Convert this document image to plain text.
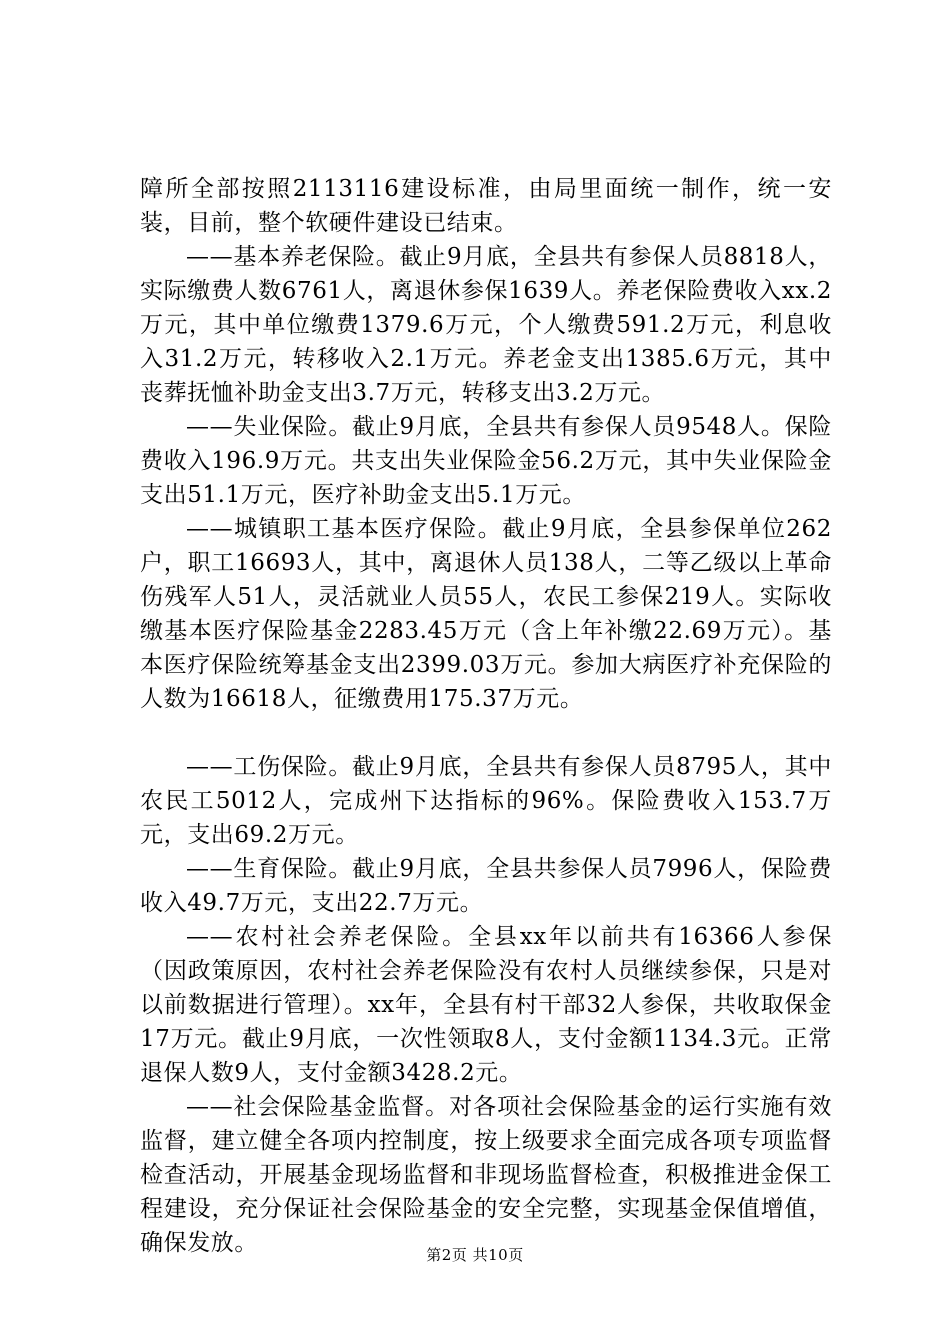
障所全部按照2113116建设标准，由局里面统一制作，统一安装，目前，整个软硬件建设已结束。

——基本养老保险。截止9月底，全县共有参保人员8818人，实际缴费人数6761人，离退休参保1639人。养老保险费收入xx.2万元，其中单位缴费1379.6万元，个人缴费591.2万元，利息收入31.2万元，转移收入2.1万元。养老金支出1385.6万元，其中丧葬抚恤补助金支出3.7万元，转移支出3.2万元。

——失业保险。截止9月底，全县共有参保人员9548人。保险费收入196.9万元。共支出失业保险金56.2万元，其中失业保险金支出51.1万元，医疗补助金支出5.1万元。

——城镇职工基本医疗保险。截止9月底，全县参保单位262户，职工16693人，其中，离退休人员138人，二等乙级以上革命伤残军人51人，灵活就业人员55人，农民工参保219人。实际收缴基本医疗保险基金2283.45万元（含上年补缴22.69万元）。基本医疗保险统筹基金支出2399.03万元。参加大病医疗补充保险的人数为16618人，征缴费用175.37万元。

——工伤保险。截止9月底，全县共有参保人员8795人，其中农民工5012人，完成州下达指标的96%。保险费收入153.7万元，支出69.2万元。

——生育保险。截止9月底，全县共参保人员7996人，保险费收入49.7万元，支出22.7万元。

——农村社会养老保险。全县xx年以前共有16366人参保（因政策原因，农村社会养老保险没有农村人员继续参保，只是对以前数据进行管理）。xx年，全县有村干部32人参保，共收取保金17万元。截止9月底，一次性领取8人，支付金额1134.3元。正常退保人数9人，支付金额3428.2元。

——社会保险基金监督。对各项社会保险基金的运行实施有效监督，建立健全各项内控制度，按上级要求全面完成各项专项监督检查活动，开展基金现场监督和非现场监督检查，积极推进金保工程建设，充分保证社会保险基金的安全完整，实现基金保值增值，确保发放。	第2页 共10页
